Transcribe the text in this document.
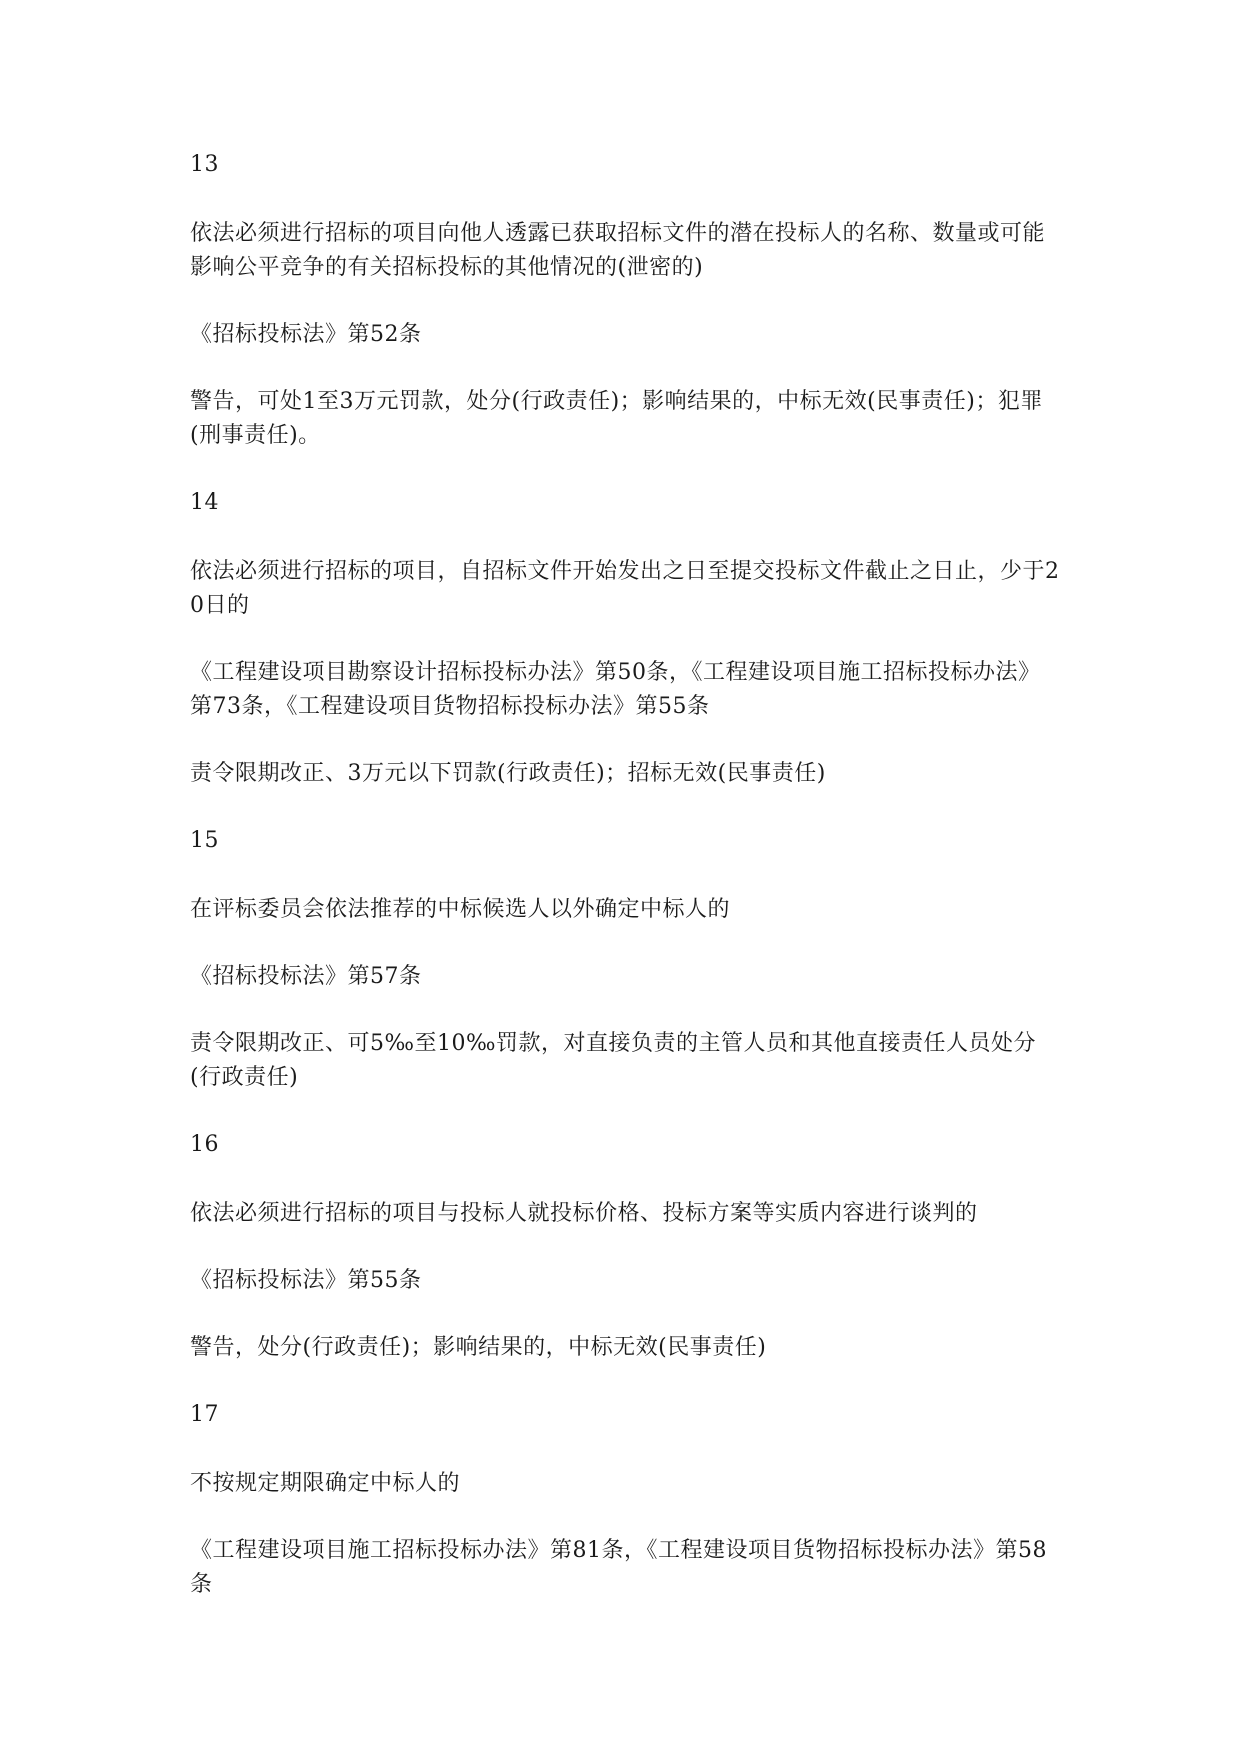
13

依法必须进行招标的项目向他人透露已获取招标文件的潜在投标人的名称、数量或可能影响公平竞争的有关招标投标的其他情况的(泄密的)

《招标投标法》第52条

警告，可处1至3万元罚款，处分(行政责任)；影响结果的，中标无效(民事责任)；犯罪(刑事责任)。

14

依法必须进行招标的项目，自招标文件开始发出之日至提交投标文件截止之日止，少于20日的

《工程建设项目勘察设计招标投标办法》第50条，《工程建设项目施工招标投标办法》第73条，《工程建设项目货物招标投标办法》第55条

责令限期改正、3万元以下罚款(行政责任)；招标无效(民事责任)

15

在评标委员会依法推荐的中标候选人以外确定中标人的

《招标投标法》第57条

责令限期改正、可5‰至10‰罚款，对直接负责的主管人员和其他直接责任人员处分(行政责任)

16

依法必须进行招标的项目与投标人就投标价格、投标方案等实质内容进行谈判的

《招标投标法》第55条

警告，处分(行政责任)；影响结果的，中标无效(民事责任)

17

不按规定期限确定中标人的

《工程建设项目施工招标投标办法》第81条，《工程建设项目货物招标投标办法》第58条
